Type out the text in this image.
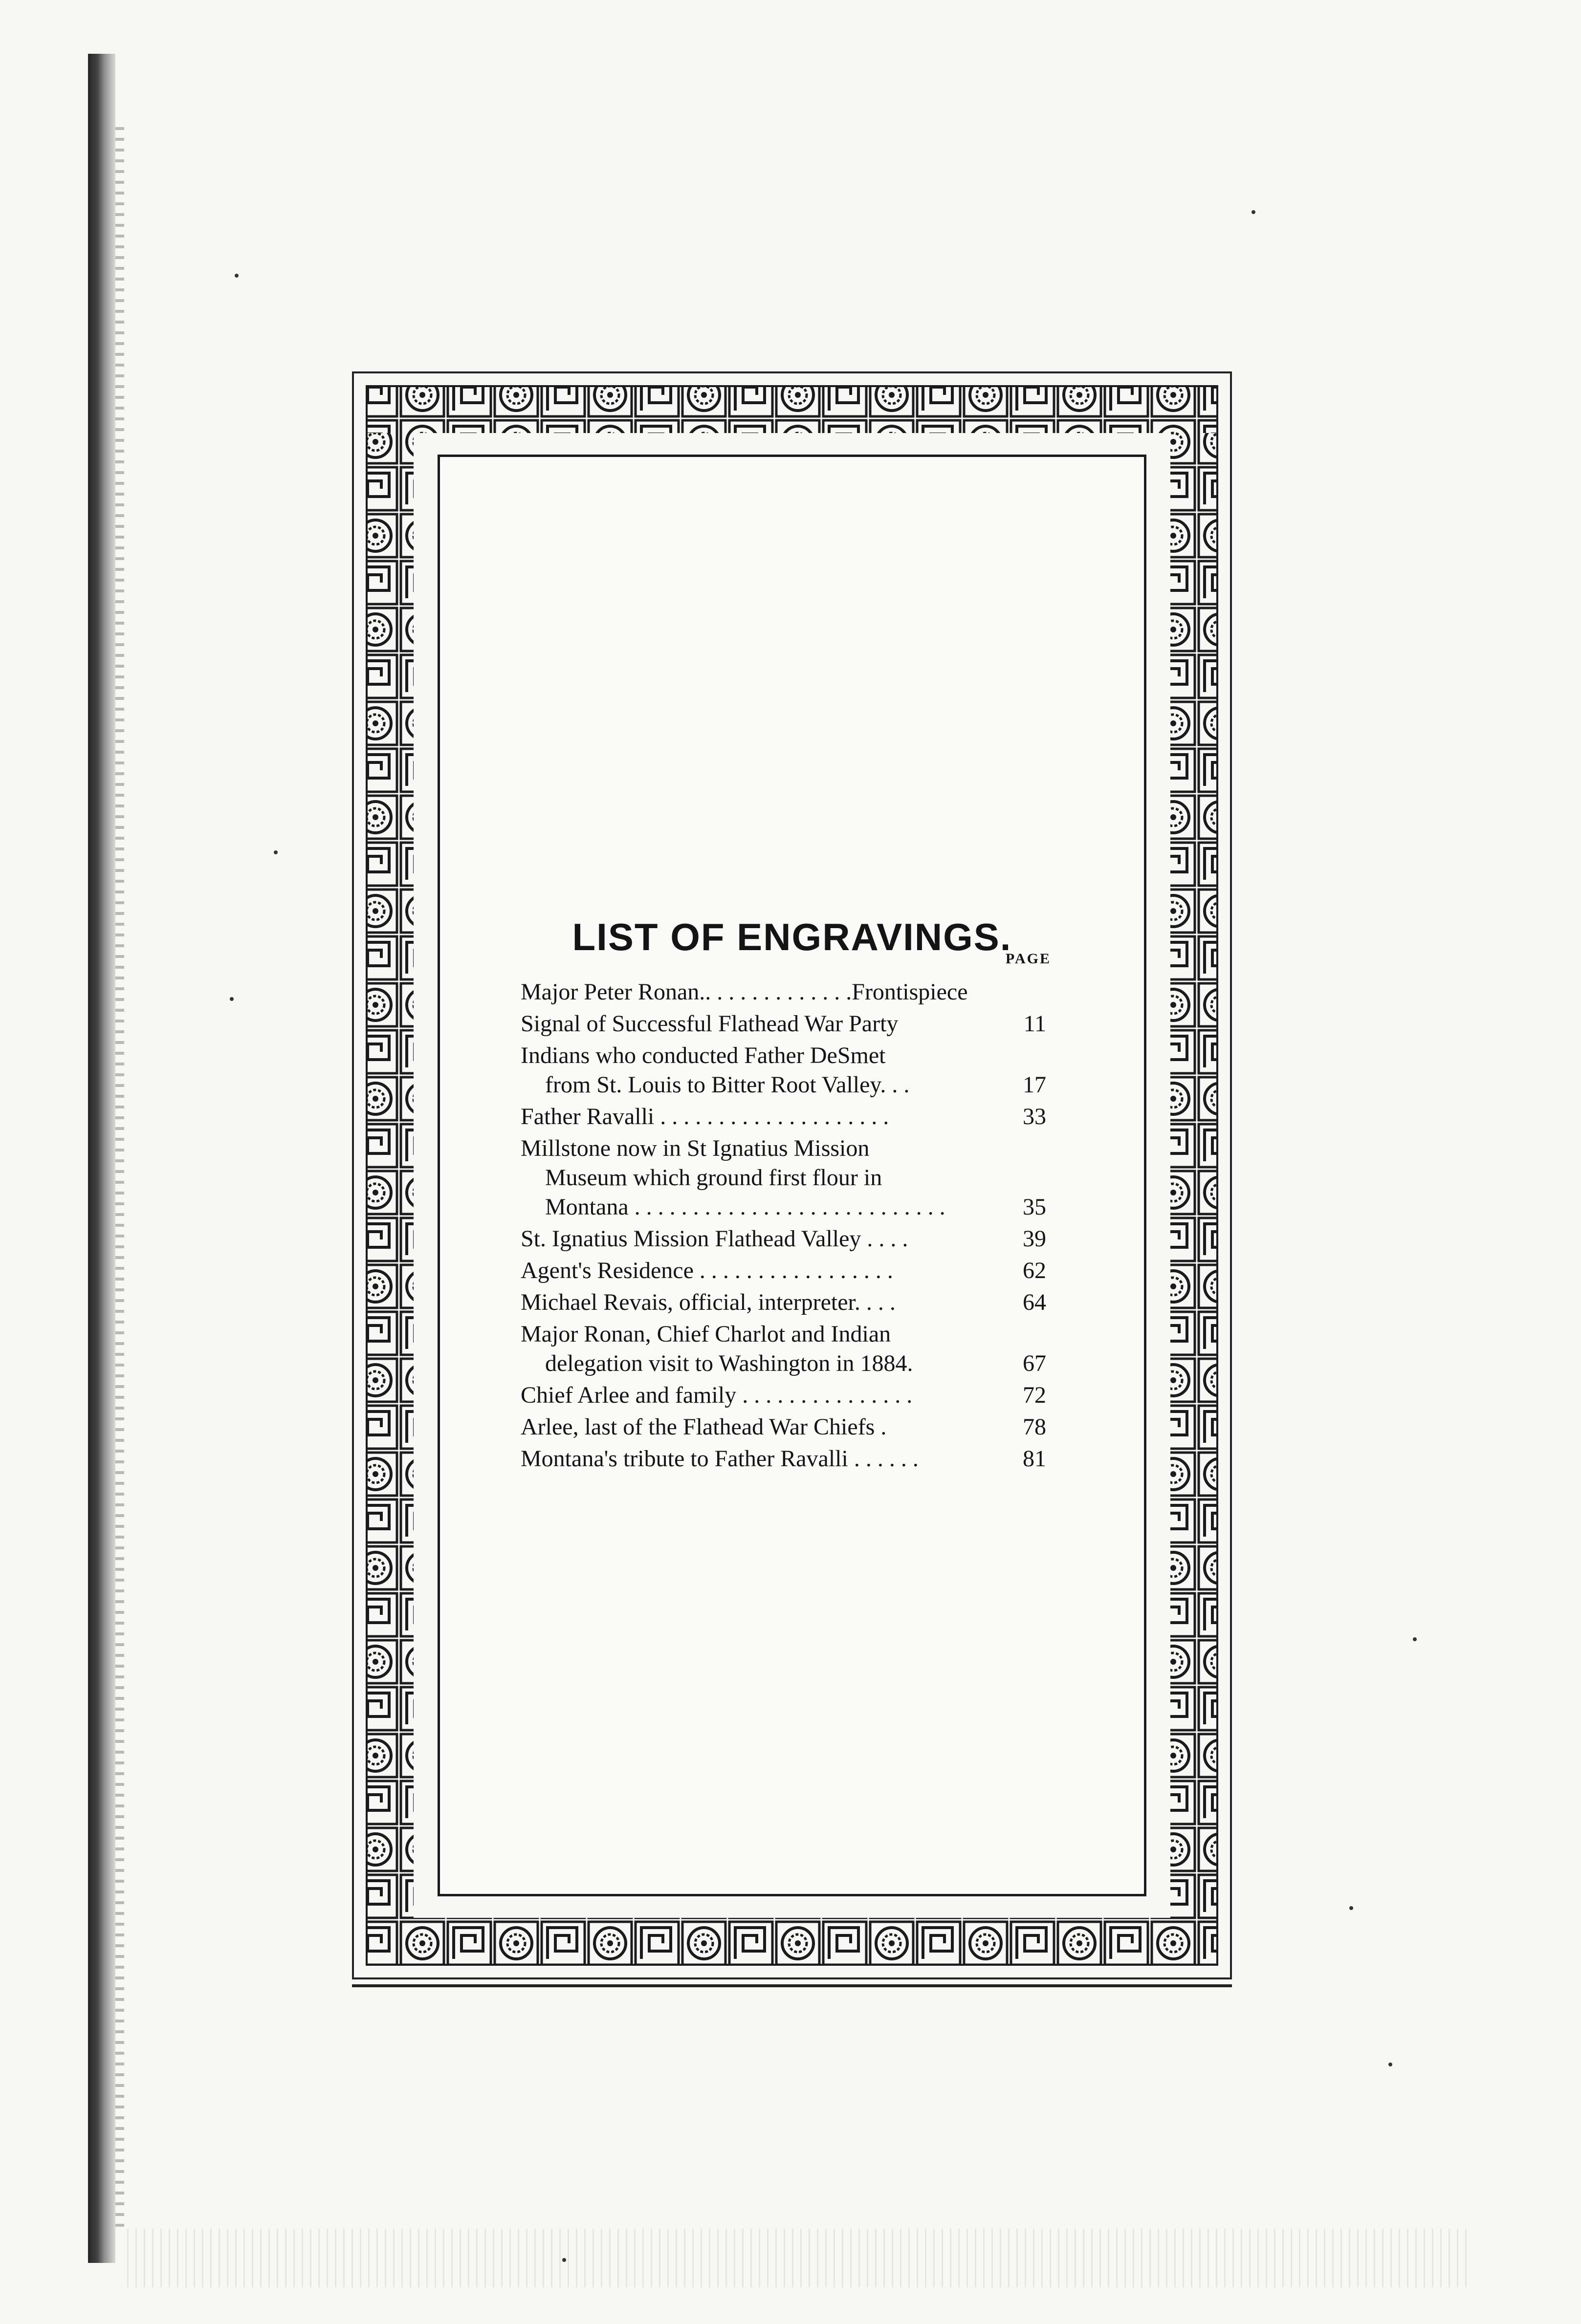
LIST OF ENGRAVINGS.
PAGE
Major Peter Ronan.. . . . . . . . . . . . .Frontispiece
Signal of Successful Flathead War Party	11
Indians who conducted Father DeSmet
from St. Louis to Bitter Root Valley. . .	17
Father Ravalli . . . . . . . . . . . . . . . . . . . .	33
Millstone now in St Ignatius Mission
Museum which ground first flour in
Montana . . . . . . . . . . . . . . . . . . . . . . . . . . .	35
St. Ignatius Mission Flathead Valley . . . .	39
Agent's Residence . . . . . . . . . . . . . . . . .	62
Michael Revais, official, interpreter. . . .	64
Major Ronan, Chief Charlot and Indian
delegation visit to Washington in 1884.	67
Chief Arlee and family . . . . . . . . . . . . . . .	72
Arlee, last of the Flathead War Chiefs .	78
Montana's tribute to Father Ravalli . . . . . .	81
